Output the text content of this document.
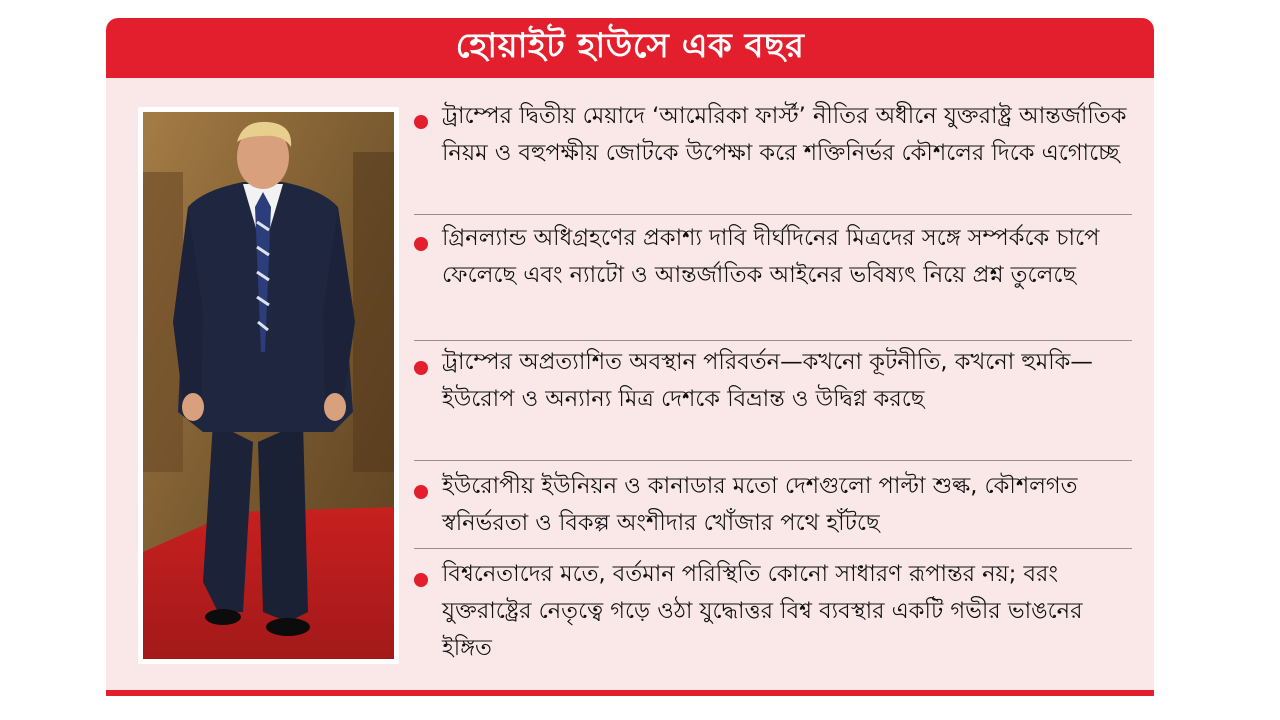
হোয়াইট হাউসে এক বছর
ট্রাম্পের দ্বিতীয় মেয়াদে ‘আমেরিকা ফার্স্ট’ নীতির অধীনে যুক্তরাষ্ট্র আন্তর্জাতিক নিয়ম ও বহুপক্ষীয় জোটকে উপেক্ষা করে শক্তিনির্ভর কৌশলের দিকে এগোচ্ছে
গ্রিনল্যান্ড অধিগ্রহণের প্রকাশ্য দাবি দীর্ঘদিনের মিত্রদের সঙ্গে সম্পর্ককে চাপে ফেলেছে এবং ন্যাটো ও আন্তর্জাতিক আইনের ভবিষ্যৎ নিয়ে প্রশ্ন তুলেছে
ট্রাম্পের অপ্রত্যাশিত অবস্থান পরিবর্তন—কখনো কূটনীতি, কখনো হুমকি—ইউরোপ ও অন্যান্য মিত্র দেশকে বিভ্রান্ত ও উদ্বিগ্ন করছে
ইউরোপীয় ইউনিয়ন ও কানাডার মতো দেশগুলো পাল্টা শুল্ক, কৌশলগত স্বনির্ভরতা ও বিকল্প অংশীদার খোঁজার পথে হাঁটছে
বিশ্বনেতাদের মতে, বর্তমান পরিস্থিতি কোনো সাধারণ রূপান্তর নয়; বরং যুক্তরাষ্ট্রের নেতৃত্বে গড়ে ওঠা যুদ্ধোত্তর বিশ্ব ব্যবস্থার একটি গভীর ভাঙনের ইঙ্গিত
